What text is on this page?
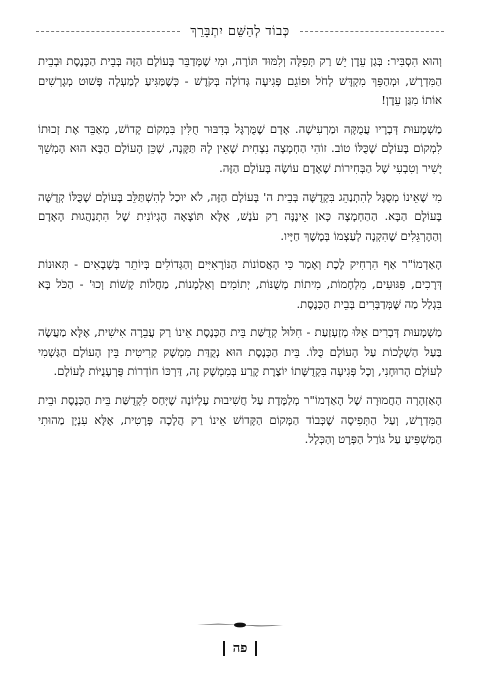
כְּבוֹד לְהַשֵּׁם יִתְבָּרֵךְ

וְהוּא הִסְבִּיר: בְּגַן עֵדֶן יֵשׁ רַק תְּפִלָּה וְלִמּוּד תּוֹרָה, וּמִי שֶׁמְּדַבֵּר בָּעוֹלָם הַזֶּה בְּבֵית הַכְּנֶסֶת וּבְבֵית הַמִּדְרָשׁ, וּמְהַפֵּךְ מִקְדָּשׁ לְחֹל וּפוֹגֵם פְּגִיעָה גְּדוֹלָה בְּקֹדֶשׁ - כְּשֶׁמַּגִּיעַ לְמַעְלָה פָּשׁוּט מְגָרְשִׁים אוֹתוֹ מִגַּן עֵדֶן!

מַשְׁמָעוּת דְּבָרָיו עֲמֻקָּה וּמַרְעִישָׁה. אָדָם שֶׁמֻּרְגָּל בְּדִבּוּר חֻלִּין בִּמְקוֹם קָדוֹשׁ, מְאַבֵּד אֶת זְכוּתוֹ לִמְקוֹם בָּעוֹלָם שֶׁכֻּלּוֹ טוֹב. זוֹהִי הַחְמָצָה נִצְחִית שֶׁאֵין לָהּ תַּקָּנָה, שֶׁכֵּן הָעוֹלָם הַבָּא הוּא הֶמְשֵׁךְ יָשִׁיר וְטִבְעִי שֶׁל הַבְּחִירוֹת שֶׁאָדָם עוֹשֶׂה בָּעוֹלָם הַזֶּה.

מִי שֶׁאֵינוֹ מְסֻגָּל לְהִתְנַהֵג בִּקְדֻשָּׁה בְּבֵית ה' בָּעוֹלָם הַזֶּה, לֹא יוּכַל לְהִשְׁתַּלֵּב בָּעוֹלָם שֶׁכֻּלּוֹ קְדֻשָּׁה בָּעוֹלָם הַבָּא. הַהַחְמָצָה כָּאן אֵינֶנָּה רַק עֹנֶשׁ, אֶלָּא תּוֹצָאָה הֶגְיוֹנִית שֶׁל הִתְנַהֲגוּת הָאָדָם וְהַהֶרְגֵּלִים שֶׁהִקְנָה לְעַצְמוֹ בְּמֶשֶׁךְ חַיָּיו.

הָאַדְמוֹ"ר אַף הִרְחִיק לֶכֶת וְאָמַר כִּי הָאֲסוֹנוֹת הַנּוֹרָאִיִּים וְהַגְּדוֹלִים בְּיוֹתֵר בְּשָׁבָאִים - תְּאוּנוֹת דְּרָכִים, פִּגּוּעִים, מִלְחָמוֹת, מִיתוֹת מְשֻׁנּוֹת, יְתוֹמִים וְאַלְמָנוֹת, מַחֲלוֹת קָשׁוֹת וְכוּ' - הַכֹּל בָּא בִּגְלַל מַה שֶּׁמְּדַבְּרִים בְּבֵית הַכְּנֶסֶת.

מַשְׁמָעוּת דְּבָרִים אֵלּוּ מְזַעְזַעַת - חִלּוּל קְדֻשַּׁת בֵּית הַכְּנֶסֶת אֵינוֹ רַק עֲבֵרָה אִישִׁית, אֶלָּא מַעֲשֶׂה בַּעַל הַשְׁלָכוֹת עַל הָעוֹלָם כֻּלּוֹ. בֵּית הַכְּנֶסֶת הוּא נְקֻדַּת מִמְשָׁק קְרִיטִית בֵּין הָעוֹלָם הַגַּשְׁמִי לְעוֹלָם הָרוּחָנִי, וְכָל פְּגִיעָה בִּקְדֻשָּׁתוֹ יוֹצֶרֶת קֶרַע בְּמִמְשָׁק זֶה, דַּרְכּוֹ חוֹדְרוֹת פֻּרְעָנֻיּוֹת לָעוֹלָם.

הָאַזְהָרָה הַחֲמוּרָה שֶׁל הָאַדְמוֹ"ר מְלַמֶּדֶת עַל חֲשִׁיבוּת עֶלְיוֹנָה שֶׁיְּחַס לִקְדֻשַּׁת בֵּית הַכְּנֶסֶת וּבֵית הַמִּדְרָשׁ, וְעַל הַתְּפִיסָה שֶׁכְּבוֹד הַמָּקוֹם הַקָּדוֹשׁ אֵינוֹ רַק הֲלָכָה פְּרָטִית, אֶלָּא עִנְיָן מַהוּתִי הַמַּשְׁפִּיעַ עַל גּוֹרַל הַפְּרָט וְהַכְּלָל.

פה
